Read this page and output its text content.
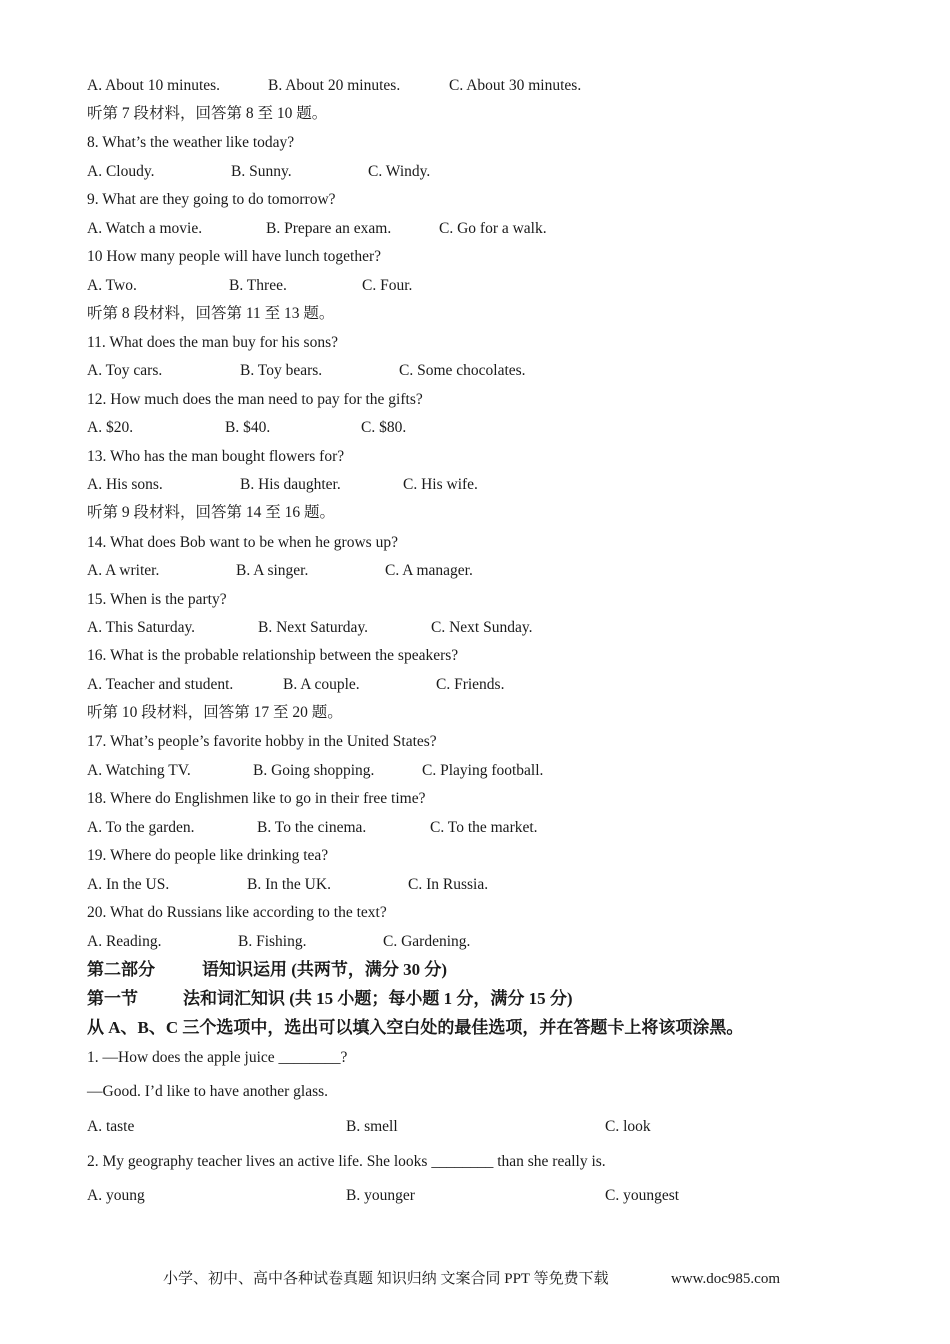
A. About 10 minutes.	B. About 20 minutes.	C. About 30 minutes.
听第 7 段材料，回答第 8 至 10 题。
8. What’s the weather like today?
A. Cloudy.	B. Sunny.	C. Windy.
9. What are they going to do tomorrow?
A. Watch a movie.	B. Prepare an exam.	C. Go for a walk.
10 How many people will have lunch together?
A. Two.	B. Three.	C. Four.
听第 8 段材料，回答第 11 至 13 题。
11. What does the man buy for his sons?
A. Toy cars.	B. Toy bears.	C. Some chocolates.
12. How much does the man need to pay for the gifts?
A. $20.	B. $40.	C. $80.
13. Who has the man bought flowers for?
A. His sons.	B. His daughter.	C. His wife.
听第 9 段材料，回答第 14 至 16 题。
14. What does Bob want to be when he grows up?
A. A writer.	B. A singer.	C. A manager.
15. When is the party?
A. This Saturday.	B. Next Saturday.	C. Next Sunday.
16. What is the probable relationship between the speakers?
A. Teacher and student.	B. A couple.	C. Friends.
听第 10 段材料，回答第 17 至 20 题。
17. What’s people’s favorite hobby in the United States?
A. Watching TV.	B. Going shopping.	C. Playing football.
18. Where do Englishmen like to go in their free time?
A. To the garden.	B. To the cinema.	C. To the market.
19. Where do people like drinking tea?
A. In the US.	B. In the UK.	C. In Russia.
20. What do Russians like according to the text?
A. Reading.	B. Fishing.	C. Gardening.
第二部分	语知识运用 (共两节，满分 30 分)
第一节	法和词汇知识 (共 15 小题；每小题 1 分，满分 15 分)
从 A、B、C 三个选项中，选出可以填入空白处的最佳选项，并在答题卡上将该项涂黑。
1. —How does the apple juice ________?
—Good. I’d like to have another glass.
A. taste	B. smell	C. look
2. My geography teacher lives an active life. She looks ________ than she really is.
A. young	B. younger	C. youngest
小学、初中、高中各种试卷真题 知识归纳 文案合同 PPT 等免费下载	www.doc985.com
